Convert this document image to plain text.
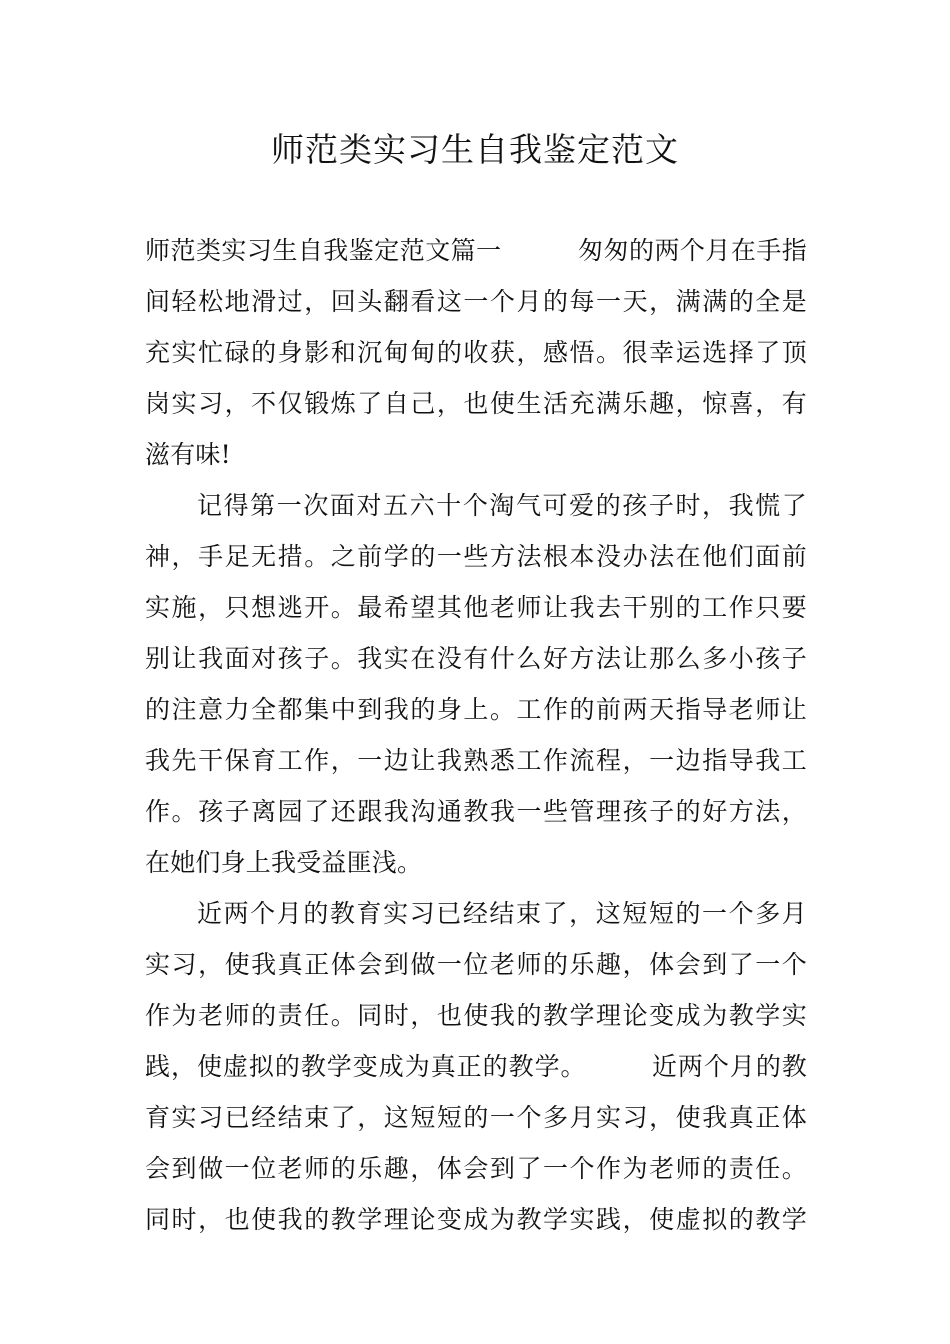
师范类实习生自我鉴定范文
师范类实习生自我鉴定范文篇一　　　匆匆的两个月在手指
间轻松地滑过，回头翻看这一个月的每一天，满满的全是
充实忙碌的身影和沉甸甸的收获，感悟。很幸运选择了顶
岗实习，不仅锻炼了自己，也使生活充满乐趣，惊喜，有
滋有味!
记得第一次面对五六十个淘气可爱的孩子时，我慌了
神，手足无措。之前学的一些方法根本没办法在他们面前
实施，只想逃开。最希望其他老师让我去干别的工作只要
别让我面对孩子。我实在没有什么好方法让那么多小孩子
的注意力全都集中到我的身上。工作的前两天指导老师让
我先干保育工作，一边让我熟悉工作流程，一边指导我工
作。孩子离园了还跟我沟通教我一些管理孩子的好方法，
在她们身上我受益匪浅。
近两个月的教育实习已经结束了，这短短的一个多月
实习，使我真正体会到做一位老师的乐趣，体会到了一个
作为老师的责任。同时，也使我的教学理论变成为教学实
践，使虚拟的教学变成为真正的教学。　　　近两个月的教
育实习已经结束了，这短短的一个多月实习，使我真正体
会到做一位老师的乐趣，体会到了一个作为老师的责任。
同时，也使我的教学理论变成为教学实践，使虚拟的教学
